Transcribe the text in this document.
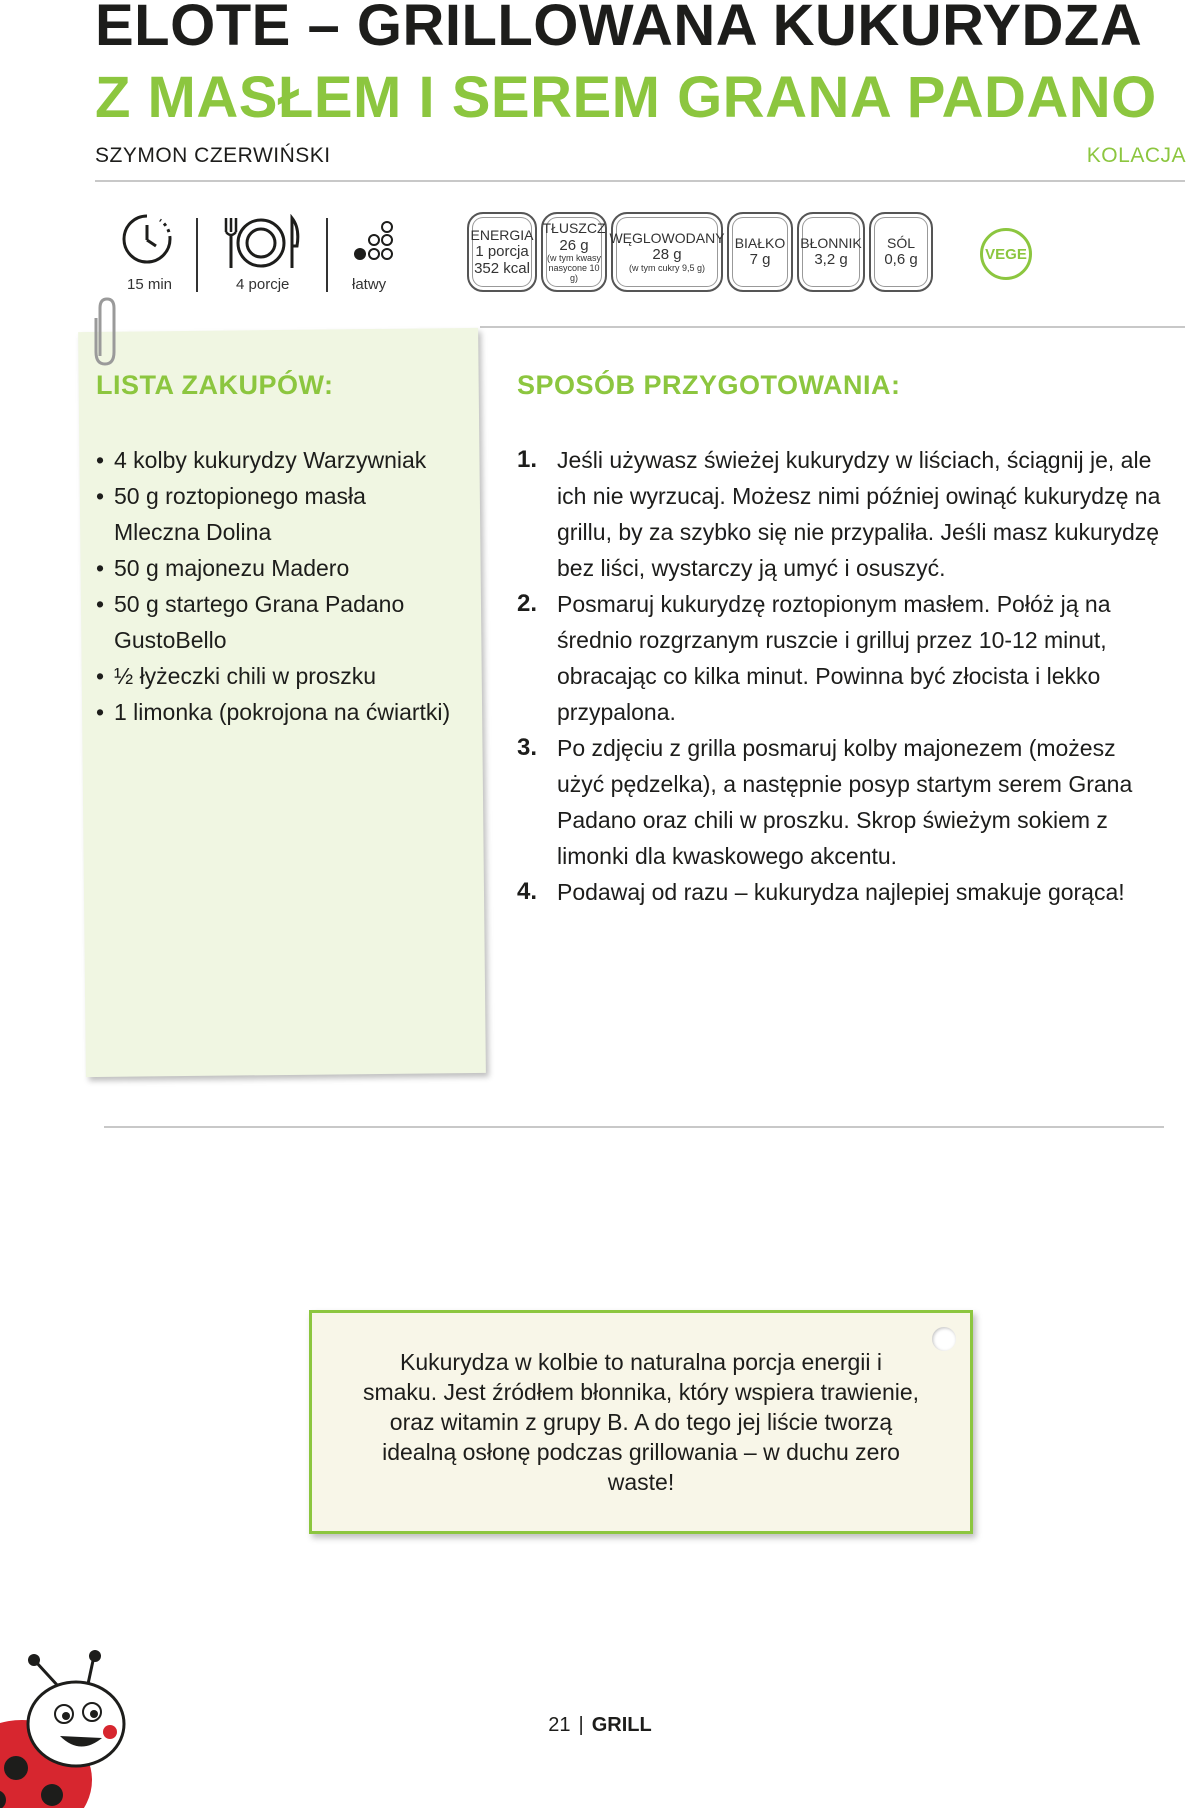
ELOTE – GRILLOWANA KUKURYDZA
Z MASŁEM I SEREM GRANA PADANO
SZYMON CZERWIŃSKI	KOLACJA
15 min	4 porcje	łatwy
ENERGIA
1 porcja
352 kcal
TŁUSZCZ
26 g
(w tym kwasy
nasycone 10 g)
WĘGLOWODANY
28 g
(w tym cukry 9,5 g)
BIAŁKO
7 g
BŁONNIK
3,2 g
SÓL
0,6 g	VEGE
LISTA ZAKUPÓW:
• 4 kolby kukurydzy Warzywniak
• 50 g roztopionego masła Mleczna Dolina
• 50 g majonezu Madero
• 50 g startego Grana Padano GustoBello
• ½ łyżeczki chili w proszku
• 1 limonka (pokrojona na ćwiartki)
SPOSÓB PRZYGOTOWANIA:
1. Jeśli używasz świeżej kukurydzy w liściach, ściągnij je, ale ich nie wyrzucaj. Możesz nimi później owinąć kukurydzę na grillu, by za szybko się nie przypaliła. Jeśli masz kukurydzę bez liści, wystarczy ją umyć i osuszyć.
2. Posmaruj kukurydzę roztopionym masłem. Połóż ją na średnio rozgrzanym ruszcie i grilluj przez 10-12 minut, obracając co kilka minut. Powinna być złocista i lekko przypalona.
3. Po zdjęciu z grilla posmaruj kolby majonezem (możesz użyć pędzelka), a następnie posyp startym serem Grana Padano oraz chili w proszku. Skrop świeżym sokiem z limonki dla kwaskowego akcentu.
4. Podawaj od razu – kukurydza najlepiej smakuje gorąca!

Kukurydza w kolbie to naturalna porcja energii i smaku. Jest źródłem błonnika, który wspiera trawienie, oraz witamin z grupy B. A do tego jej liście tworzą idealną osłonę podczas grillowania – w duchu zero waste!

21 | GRILL
